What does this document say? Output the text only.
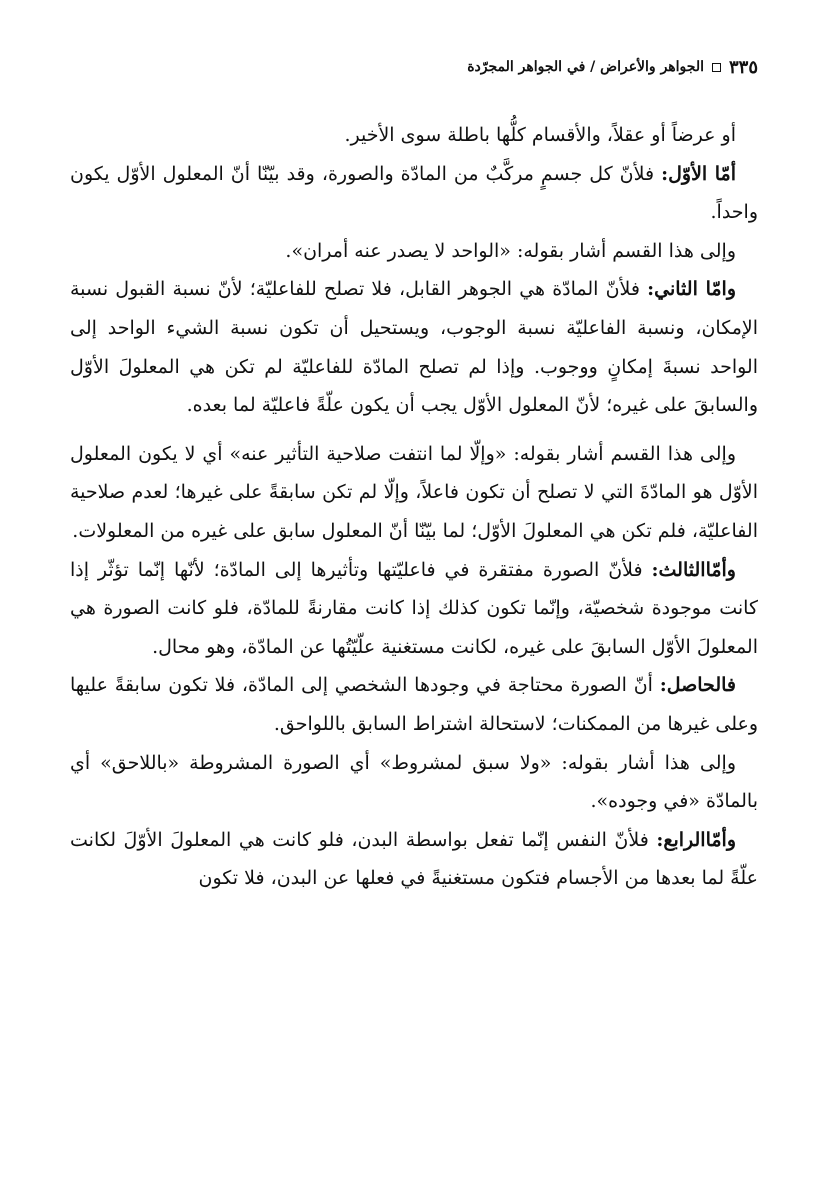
٣٣٥
الجواهر والأعراض / في الجواهر المجرّدة

أو عرضاً أو عقلاً، والأقسام كلُّها باطلة سوى الأخير.

أمّا الأوّل: فلأنّ كل جسمٍ مركَّبٌ من المادّة والصورة، وقد بيّنّا أنّ المعلول الأوّل يكون واحداً.

وإلى هذا القسم أشار بقوله: «الواحد لا يصدر عنه أمران».

وامّا الثاني: فلأنّ المادّة هي الجوهر القابل، فلا تصلح للفاعليّة؛ لأنّ نسبة القبول نسبة الإمكان، ونسبة الفاعليّة نسبة الوجوب، ويستحيل أن تكون نسبة الشيء الواحد إلى الواحد نسبةَ إمكانٍ ووجوب. وإذا لم تصلح المادّة للفاعليّة لم تكن هي المعلولَ الأوّل والسابقَ على غيره؛ لأنّ المعلول الأوّل يجب أن يكون علّةً فاعليّة لما بعده.

وإلى هذا القسم أشار بقوله: «وإلّا لما انتفت صلاحية التأثير عنه» أي لا يكون المعلول الأوّل هو المادّةَ التي لا تصلح أن تكون فاعلاً، وإلّا لم تكن سابقةً على غيرها؛ لعدم صلاحية الفاعليّة، فلم تكن هي المعلولَ الأوّل؛ لما بيّنّا أنّ المعلول سابق على غيره من المعلولات.

وأمّاالثالث: فلأنّ الصورة مفتقرة في فاعليّتها وتأثيرها إلى المادّة؛ لأنّها إنّما تؤثّر إذا كانت موجودة شخصيّة، وإنّما تكون كذلك إذا كانت مقارنةً للمادّة، فلو كانت الصورة هي المعلولَ الأوّل السابقَ على غيره، لكانت مستغنية علّيّتُها عن المادّة، وهو محال.

فالحاصل: أنّ الصورة محتاجة في وجودها الشخصي إلى المادّة، فلا تكون سابقةً عليها وعلى غيرها من الممكنات؛ لاستحالة اشتراط السابق باللواحق.

وإلى هذا أشار بقوله: «ولا سبق لمشروط» أي الصورة المشروطة «باللاحق» أي بالمادّة «في وجوده».

وأمّاالرابع: فلأنّ النفس إنّما تفعل بواسطة البدن، فلو كانت هي المعلولَ الأوّلَ لكانت علّةً لما بعدها من الأجسام فتكون مستغنيةً في فعلها عن البدن، فلا تكون
